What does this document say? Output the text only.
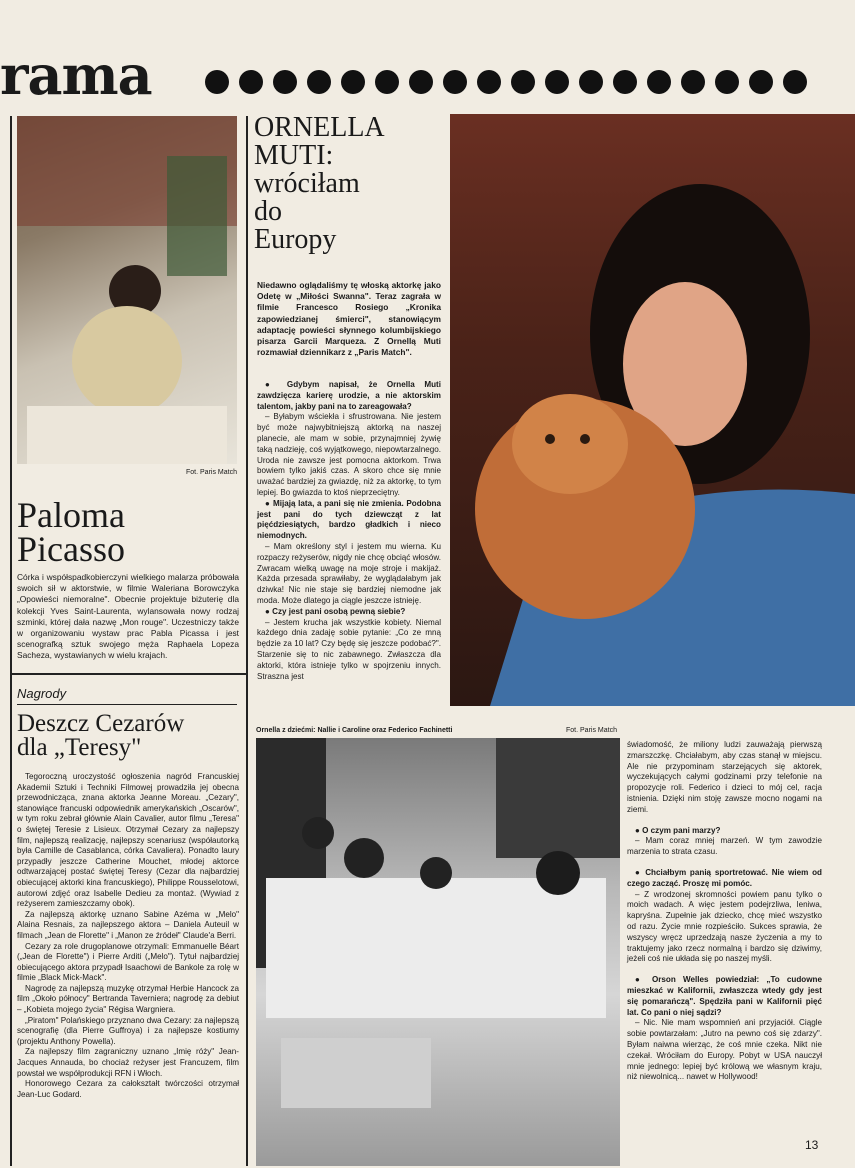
rama
Fot. Paris Match
Paloma
Picasso
Córka i współspadkobierczyni wielkiego malarza próbowała swoich sił w aktorstwie, w filmie Waleriana Borowczyka „Opowieści niemoralne". Obecnie projektuje biżuterię dla kolekcji Yves Saint-Laurenta, wylansowała nowy rodzaj szminki, której dała nazwę „Mon rouge". Uczestniczy także w organizowaniu wystaw prac Pabla Picassa i jest scenografką sztuk swojego męża Raphaela Lopeza Sacheza, wystawianych w wielu krajach.
Nagrody
Deszcz Cezarów
dla „Teresy"

Tegoroczną uroczystość ogłoszenia nagród Francuskiej Akademii Sztuki i Techniki Filmowej prowadziła jej obecna przewodnicząca, znana aktorka Jeanne Moreau. „Cezary", stanowiące francuski odpowiednik amerykańskich „Oscarów", w tym roku zebrał głównie Alain Cavalier, autor filmu „Teresa" o świętej Teresie z Lisieux. Otrzymał Cezary za najlepszy film, najlepszą realizację, najlepszy scenariusz (współautorką była Camille de Casablanca, córka Cavaliera). Ponadto laury przypadły jeszcze Catherine Mouchet, młodej aktorce odtwarzającej postać świętej Teresy (Cezar dla najbardziej obiecującej aktorki kina francuskiego), Philippe Rousselotowi, autorowi zdjęć oraz Isabelle Dedieu za montaż. (Wywiad z reżyserem zamieszczamy obok).

Za najlepszą aktorkę uznano Sabine Azéma w „Melo" Alaina Resnais, za najlepszego aktora – Daniela Auteuil w filmach „Jean de Florette" i „Manon ze źródeł" Claude'a Berri.

Cezary za role drugoplanowe otrzymali: Emmanuelle Béart („Jean de Florette") i Pierre Arditi („Melo"). Tytuł najbardziej obiecującego aktora przypadł Isaachowi de Bankole za rolę w filmie „Black Mick-Mack".

Nagrodę za najlepszą muzykę otrzymał Herbie Hancock za film „Około północy" Bertranda Taverniera; nagrodę za debiut – „Kobieta mojego życia" Régisa Wargniera.

„Piratom" Polańskiego przyznano dwa Cezary: za najlepszą scenografię (dla Pierre Guffroya) i za najlepsze kostiumy (projektu Anthony Powella).

Za najlepszy film zagraniczny uznano „Imię róży" Jean-Jacques Annauda, bo chociaż reżyser jest Francuzem, film powstał we współprodukcji RFN i Włoch.

Honorowego Cezara za całokształt twórczości otrzymał Jean-Luc Godard.

ORNELLA
MUTI:
wróciłam
do
Europy
Niedawno oglądaliśmy tę włoską aktorkę jako Odetę w „Miłości Swanna". Teraz zagrała w filmie Francesco Rosiego „Kronika zapowiedzianej śmierci", stanowiącym adaptację powieści słynnego kolumbijskiego pisarza Garcii Marqueza. Z Ornellą Muti rozmawiał dziennikarz z „Paris Match".

● Gdybym napisał, że Ornella Muti zawdzięcza karierę urodzie, a nie aktorskim talentom, jakby pani na to zareagowała?

– Byłabym wściekła i sfrustrowana. Nie jestem być może najwybitniejszą aktorką na naszej planecie, ale mam w sobie, przynajmniej żywię taką nadzieję, coś wyjątkowego, niepowtarzalnego. Uroda nie zawsze jest pomocna aktorkom. Trwa bowiem tylko jakiś czas. A skoro chce się mnie uważać bardziej za gwiazdę, niż za aktorkę, to tym lepiej. Bo gwiazda to ktoś nieprzeciętny.

● Mijają lata, a pani się nie zmienia. Podobna jest pani do tych dziewcząt z lat pięćdziesiątych, bardzo gładkich i nieco niemodnych.

– Mam określony styl i jestem mu wierna. Ku rozpaczy reżyserów, nigdy nie chcę obciąć włosów. Zwracam wielką uwagę na moje stroje i makijaż. Każda przesada sprawiłaby, że wyglądałabym jak dziwka! Nic nie staje się bardziej niemodne jak moda. Może dlatego ja ciągle jeszcze istnieję.

● Czy jest pani osobą pewną siebie?

– Jestem krucha jak wszystkie kobiety. Niemal każdego dnia zadaję sobie pytanie: „Co ze mną będzie za 10 lat? Czy będę się jeszcze podobać?". Starzenie się to nic zabawnego. Zwłaszcza dla aktorki, która istnieje tylko w spojrzeniu innych. Straszna jest

Ornella z dziećmi: Nallie i Caroline oraz Federico Fachinetti	Fot. Paris Match

świadomość, że miliony ludzi zauważają pierwszą zmarszczkę. Chciałabym, aby czas stanął w miejscu. Ale nie przypominam starzejących się aktorek, wyczekujących całymi godzinami przy telefonie na propozycje roli. Federico i dzieci to mój cel, racja istnienia. Dzięki nim stoję zawsze mocno nogami na ziemi.

● O czym pani marzy?

– Mam coraz mniej marzeń. W tym zawodzie marzenia to strata czasu.

● Chciałbym panią sportretować. Nie wiem od czego zacząć. Proszę mi pomóc.

– Z wrodzonej skromności powiem panu tylko o moich wadach. A więc jestem podejrzliwa, leniwa, kapryśna. Zupełnie jak dziecko, chcę mieć wszystko od razu. Życie mnie rozpieściło. Sukces sprawia, że wszyscy wręcz uprzedzają nasze życzenia a my to traktujemy jako rzecz normalną i bardzo się dziwimy, jeżeli coś nie układa się po naszej myśli.

● Orson Welles powiedział: „To cudowne mieszkać w Kalifornii, zwłaszcza wtedy gdy jest się pomarańczą". Spędziła pani w Kalifornii pięć lat. Co pani o niej sądzi?

– Nic. Nie mam wspomnień ani przyjaciół. Ciągle sobie powtarzałam: „Jutro na pewno coś się zdarzy". Byłam naiwna wierząc, że coś mnie czeka. Nikt nie czekał. Wróciłam do Europy. Pobyt w USA nauczył mnie jednego: lepiej być królową we własnym kraju, niż niewolnicą... nawet w Hollywood!

13
